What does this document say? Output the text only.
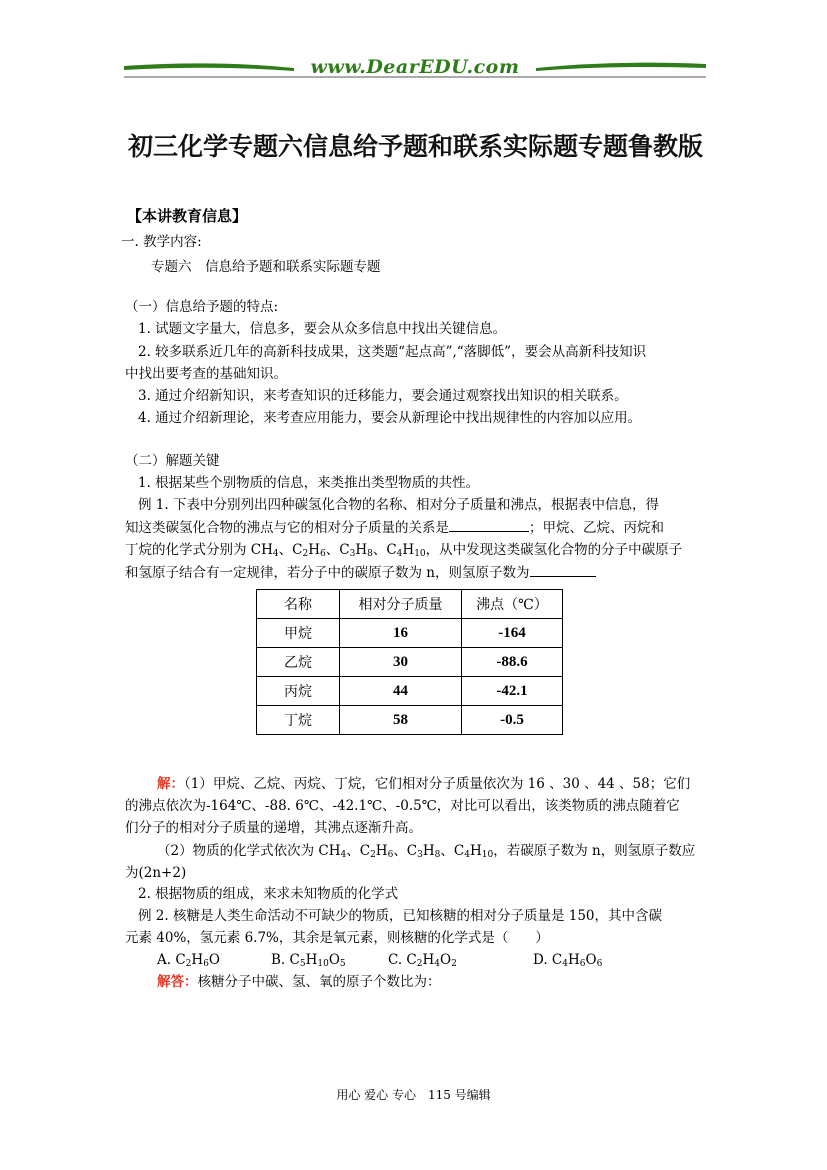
www.DearEDU.com
初三化学专题六信息给予题和联系实际题专题鲁教版
【本讲教育信息】
一. 教学内容:
专题六　信息给予题和联系实际题专题
（一）信息给予题的特点:
1. 试题文字量大，信息多，要会从众多信息中找出关键信息。
2. 较多联系近几年的高新科技成果，这类题“起点高”,“落脚低”，要会从高新科技知识
中找出要考查的基础知识。
3. 通过介绍新知识，来考查知识的迁移能力，要会通过观察找出知识的相关联系。
4. 通过介绍新理论，来考查应用能力，要会从新理论中找出规律性的内容加以应用。
（二）解题关键
1. 根据某些个别物质的信息，来类推出类型物质的共性。
例 1. 下表中分别列出四种碳氢化合物的名称、相对分子质量和沸点，根据表中信息，得
知这类碳氢化合物的沸点与它的相对分子质量的关系是	；甲烷、乙烷、丙烷和
丁烷的化学式分别为 $CH_4$、$C_2H_6$、$C_3H_8$、$C_4H_{10}$，从中发现这类碳氢化合物的分子中碳原子
和氢原子结合有一定规律，若分子中的碳原子数为 n，则氢原子数为
名称	相对分子质量	沸点（℃）
甲烷	16	-164
乙烷	30	-88.6
丙烷	44	-42.1
丁烷	58	-0.5
解：（1）甲烷、乙烷、丙烷、丁烷，它们相对分子质量依次为 16 、30 、44 、58；它们
的沸点依次为-164℃、-88. 6℃、-42.1℃、-0.5℃，对比可以看出，该类物质的沸点随着它
们分子的相对分子质量的递增，其沸点逐渐升高。
（2）物质的化学式依次为 $CH_4$、$C_2H_6$、$C_3H_8$、$C_4H_{10}$，若碳原子数为 n，则氢原子数应
为(2n+2)
2. 根据物质的组成，来求未知物质的化学式
例 2. 核糖是人类生命活动不可缺少的物质，已知核糖的相对分子质量是 150，其中含碳
元素 40%，氢元素 6.7%，其余是氧元素，则核糖的化学式是（　　）
A. $C_2H_6O$	B. $C_5H_{10}O_5$	C. $C_2H_4O_2$	D. $C_4H_6O_6$
解答：核糖分子中碳、氢、氧的原子个数比为：
用心 爱心 专心　115 号编辑
